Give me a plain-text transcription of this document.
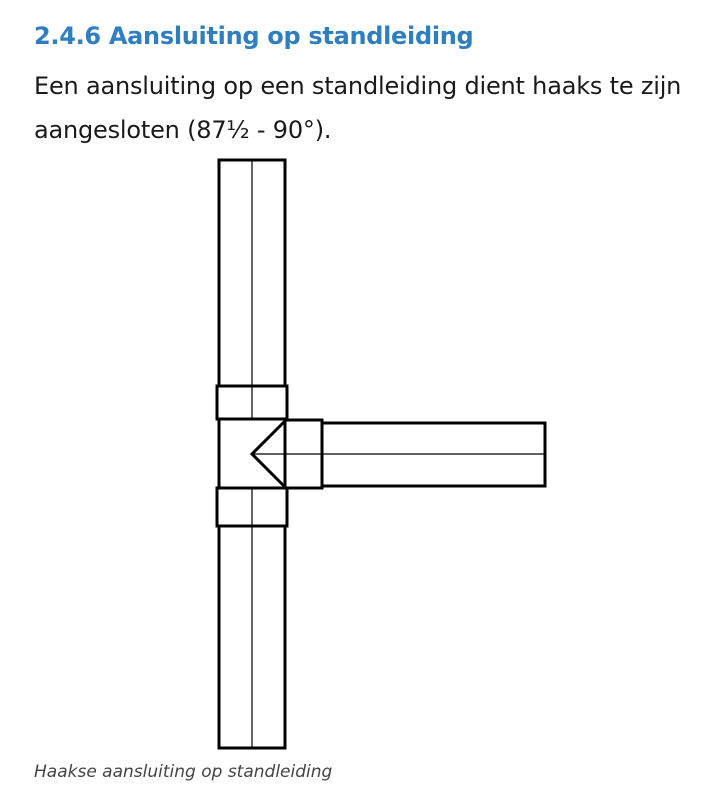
2.4.6 Aansluiting op standleiding
Een aansluiting op een standleiding dient haaks te zijn
aangesloten (87½ - 90°).
Haakse aansluiting op standleiding
